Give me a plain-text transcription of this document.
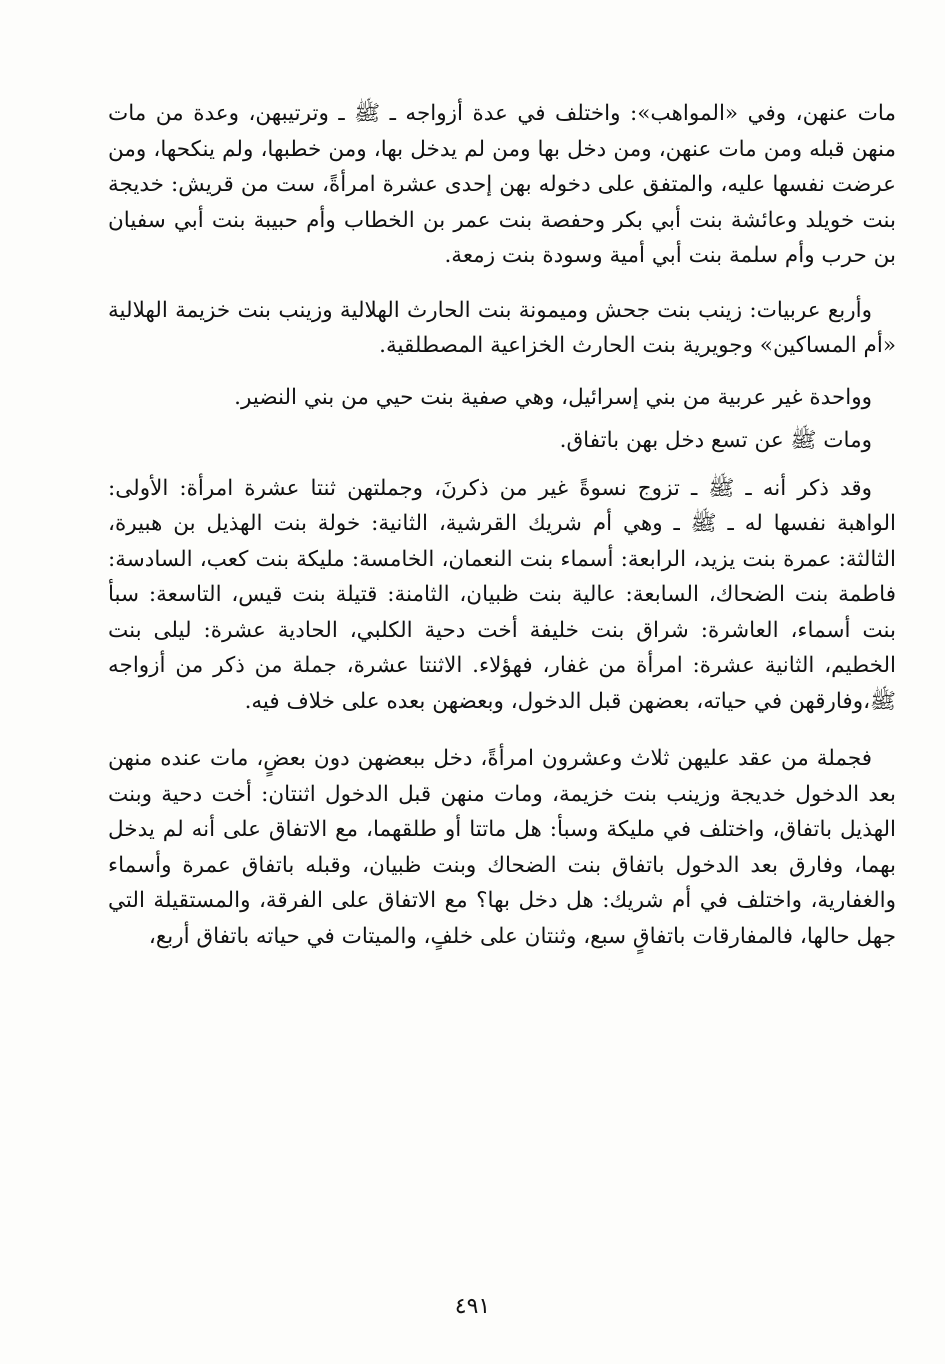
مات عنهن، وفي «المواهب»: واختلف في عدة أزواجه ـ ﷺ ـ وترتيبهن، وعدة من مات منهن قبله ومن مات عنهن، ومن دخل بها ومن لم يدخل بها، ومن خطبها، ولم ينكحها، ومن عرضت نفسها عليه، والمتفق على دخوله بهن إحدى عشرة امرأةً، ست من قريش: خديجة بنت خويلد وعائشة بنت أبي بكر وحفصة بنت عمر بن الخطاب وأم حبيبة بنت أبي سفيان بن حرب وأم سلمة بنت أبي أمية وسودة بنت زمعة.

وأربع عربيات: زينب بنت جحش وميمونة بنت الحارث الهلالية وزينب بنت خزيمة الهلالية «أم المساكين» وجويرية بنت الحارث الخزاعية المصطلقية.

وواحدة غير عربية من بني إسرائيل، وهي صفية بنت حيي من بني النضير.

ومات ﷺ عن تسع دخل بهن باتفاق.

وقد ذكر أنه ـ ﷺ ـ تزوج نسوةً غير من ذكرنَ، وجملتهن ثنتا عشرة امرأة: الأولى: الواهبة نفسها له ـ ﷺ ـ وهي أم شريك القرشية، الثانية: خولة بنت الهذيل بن هبيرة، الثالثة: عمرة بنت يزيد، الرابعة: أسماء بنت النعمان، الخامسة: مليكة بنت كعب، السادسة: فاطمة بنت الضحاك، السابعة: عالية بنت ظبيان، الثامنة: قتيلة بنت قيس، التاسعة: سبأ بنت أسماء، العاشرة: شراق بنت خليفة أخت دحية الكلبي، الحادية عشرة: ليلى بنت الخطيم، الثانية عشرة: امرأة من غفار، فهؤلاء. الاثنتا عشرة، جملة من ذكر من أزواجه ﷺ،وفارقهن في حياته، بعضهن قبل الدخول، وبعضهن بعده على خلاف فيه.

فجملة من عقد عليهن ثلاث وعشرون امرأةً، دخل ببعضهن دون بعضٍ، مات عنده منهن بعد الدخول خديجة وزينب بنت خزيمة، ومات منهن قبل الدخول اثنتان: أخت دحية وبنت الهذيل باتفاق، واختلف في مليكة وسبأ: هل ماتتا أو طلقهما، مع الاتفاق على أنه لم يدخل بهما، وفارق بعد الدخول باتفاق بنت الضحاك وبنت ظبيان، وقبله باتفاق عمرة وأسماء والغفارية، واختلف في أم شريك: هل دخل بها؟ مع الاتفاق على الفرقة، والمستقيلة التي جهل حالها، فالمفارقات باتفاقٍ سبع، وثنتان على خلفٍ، والميتات في حياته باتفاق أربع،

٤٩١
